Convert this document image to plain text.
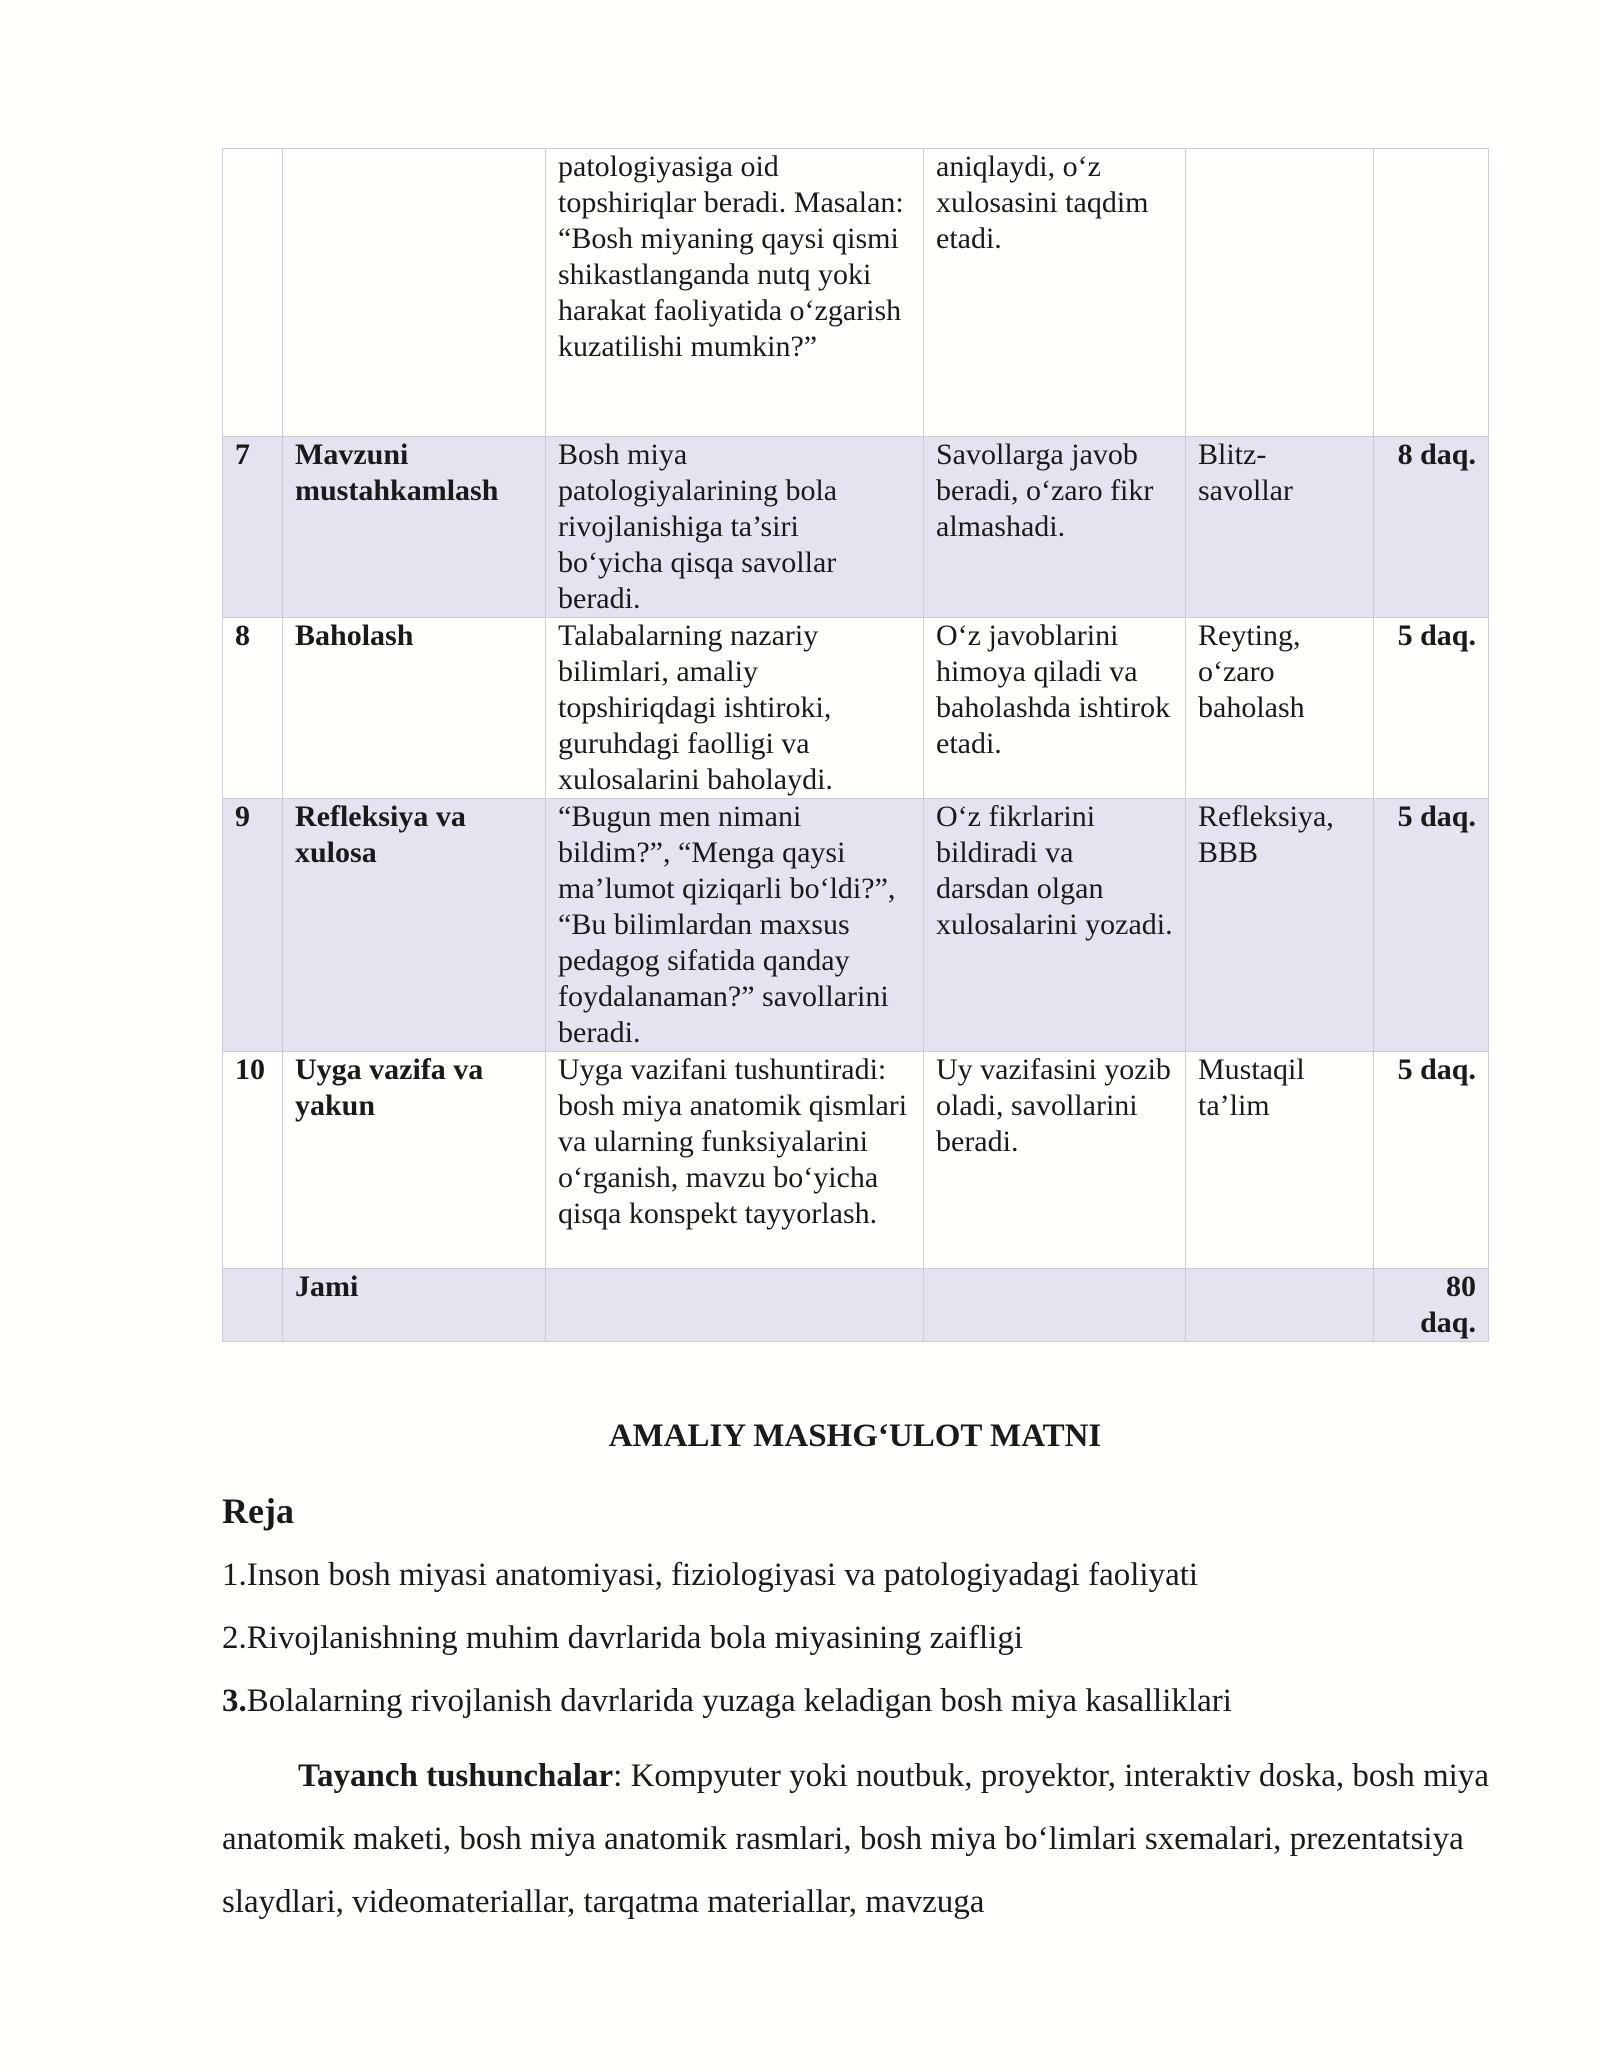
		patologiyasiga oid topshiriqlar beradi. Masalan: “Bosh miyaning qaysi qismi shikastlanganda nutq yoki harakat faoliyatida o‘zgarish kuzatilishi mumkin?”	aniqlaydi, o‘z xulosasini taqdim etadi.		
7	Mavzuni mustahkamlash	Bosh miya patologiyalarining bola rivojlanishiga ta’siri bo‘yicha qisqa savollar beradi.	Savollarga javob beradi, o‘zaro fikr almashadi.	Blitz-savollar	8 daq.
8	Baholash	Talabalarning nazariy bilimlari, amaliy topshiriqdagi ishtiroki, guruhdagi faolligi va xulosalarini baholaydi.	O‘z javoblarini himoya qiladi va baholashda ishtirok etadi.	Reyting, o‘zaro baholash	5 daq.
9	Refleksiya va xulosa	“Bugun men nimani bildim?”, “Menga qaysi ma’lumot qiziqarli bo‘ldi?”, “Bu bilimlardan maxsus pedagog sifatida qanday foydalanaman?” savollarini beradi.	O‘z fikrlarini bildiradi va darsdan olgan xulosalarini yozadi.	Refleksiya, BBB	5 daq.
10	Uyga vazifa va yakun	Uyga vazifani tushuntiradi: bosh miya anatomik qismlari va ularning funksiyalarini o‘rganish, mavzu bo‘yicha qisqa konspekt tayyorlash.	Uy vazifasini yozib oladi, savollarini beradi.	Mustaqil ta’lim	5 daq.
	Jami				80 daq.
AMALIY MASHG‘ULOT MATNI
Reja
1.Inson bosh miyasi anatomiyasi, fiziologiyasi va patologiyadagi faoliyati
2.Rivojlanishning muhim davrlarida bola miyasining zaifligi
3.Bolalarning rivojlanish davrlarida yuzaga keladigan bosh miya kasalliklari
Tayanch tushunchalar: Kompyuter yoki noutbuk, proyektor, interaktiv doska, bosh miya anatomik maketi, bosh miya anatomik rasmlari, bosh miya bo‘limlari sxemalari, prezentatsiya slaydlari, videomateriallar, tarqatma materiallar, mavzuga
